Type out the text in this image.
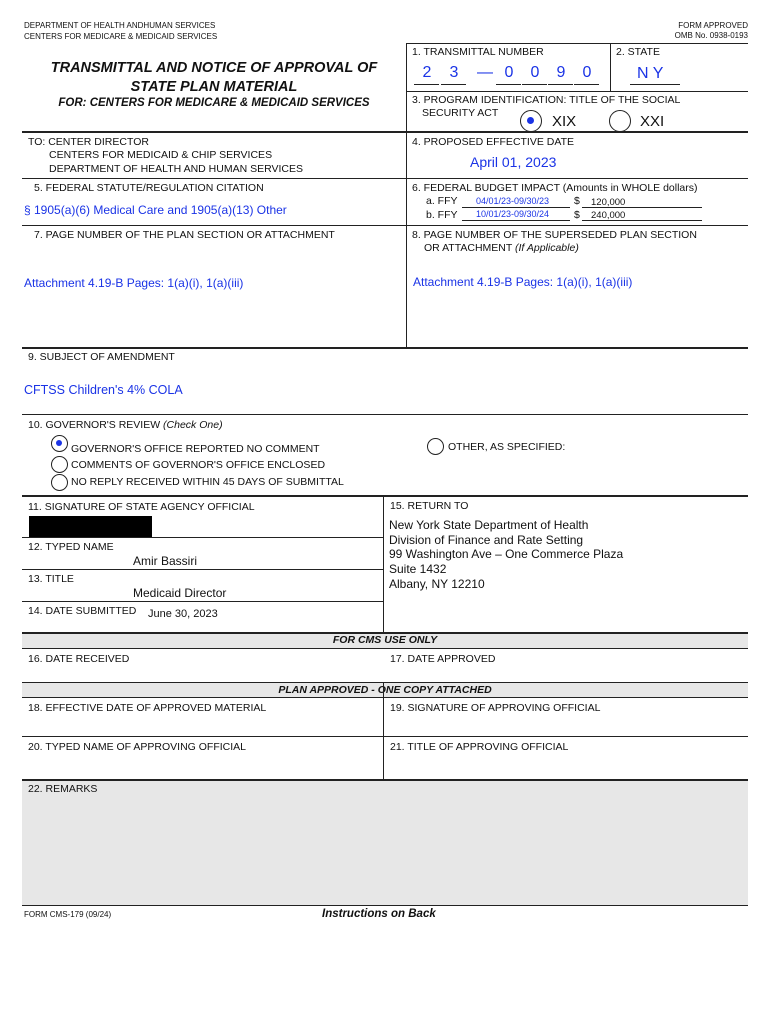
DEPARTMENT OF HEALTH ANDHUMAN SERVICES
CENTERS FOR MEDICARE & MEDICAID SERVICES
FORM APPROVED
OMB No. 0938-0193
TRANSMITTAL AND NOTICE OF APPROVAL OF
STATE PLAN MATERIAL
FOR: CENTERS FOR MEDICARE & MEDICAID SERVICES
1. TRANSMITTAL NUMBER
2	3	— 0	0	9	0
2. STATE
N Y
3. PROGRAM IDENTIFICATION: TITLE OF THE SOCIAL
SECURITY ACT	XIX	XXI
TO: CENTER DIRECTOR
CENTERS FOR MEDICAID & CHIP SERVICES
DEPARTMENT OF HEALTH AND HUMAN SERVICES
4. PROPOSED EFFECTIVE DATE
April 01, 2023
5. FEDERAL STATUTE/REGULATION CITATION
§ 1905(a)(6) Medical Care and 1905(a)(13) Other
6. FEDERAL BUDGET IMPACT (Amounts in WHOLE dollars)
a. FFY 04/01/23-09/30/23 $ 120,000
b. FFY 10/01/23-09/30/24 $ 240,000
7. PAGE NUMBER OF THE PLAN SECTION OR ATTACHMENT
Attachment 4.19-B Pages: 1(a)(i), 1(a)(iii)
8. PAGE NUMBER OF THE SUPERSEDED PLAN SECTION
OR ATTACHMENT (If Applicable)
Attachment 4.19-B Pages: 1(a)(i), 1(a)(iii)
9. SUBJECT OF AMENDMENT
CFTSS Children's 4% COLA
10. GOVERNOR'S REVIEW (Check One)
GOVERNOR'S OFFICE REPORTED NO COMMENT
COMMENTS OF GOVERNOR'S OFFICE ENCLOSED
NO REPLY RECEIVED WITHIN 45 DAYS OF SUBMITTAL
OTHER, AS SPECIFIED:
11. SIGNATURE OF STATE AGENCY OFFICIAL
12. TYPED NAME
Amir Bassiri
13. TITLE
Medicaid Director
14. DATE SUBMITTED June 30, 2023
15. RETURN TO
New York State Department of Health
Division of Finance and Rate Setting
99 Washington Ave – One Commerce Plaza
Suite 1432
Albany, NY 12210
FOR CMS USE ONLY
16. DATE RECEIVED	17. DATE APPROVED
PLAN APPROVED - ONE COPY ATTACHED
18. EFFECTIVE DATE OF APPROVED MATERIAL	19. SIGNATURE OF APPROVING OFFICIAL
20. TYPED NAME OF APPROVING OFFICIAL	21. TITLE OF APPROVING OFFICIAL
22. REMARKS
FORM CMS-179 (09/24)	Instructions on Back
